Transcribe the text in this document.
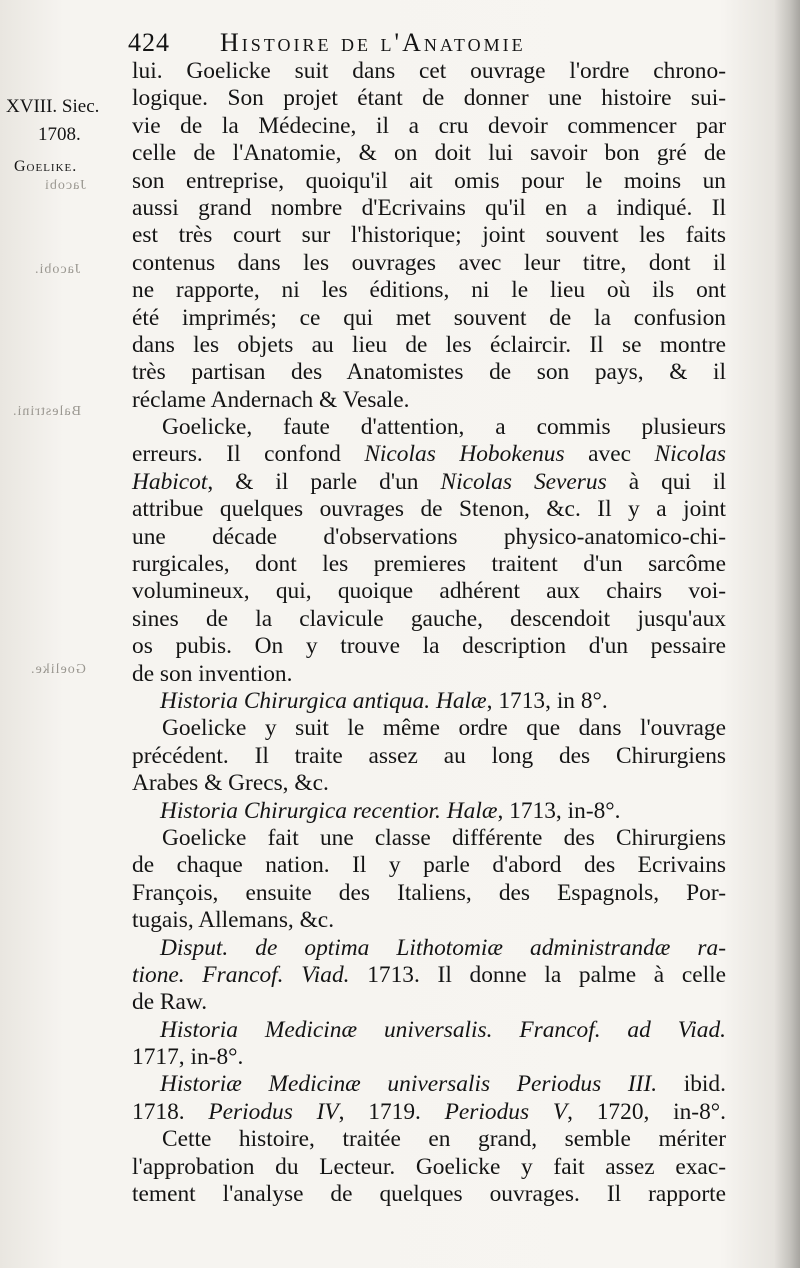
424 Histoire de l'Anatomie
XVIII. Siec.
1708.
Goelike.
Jacobi
Jacobi.
Balestrini.
Goelike.
lui. Goelicke suit dans cet ouvrage l'ordre chrono-
logique. Son projet étant de donner une histoire sui-
vie de la Médecine, il a cru devoir commencer par
celle de l'Anatomie, & on doit lui savoir bon gré de
son entreprise, quoiqu'il ait omis pour le moins un
aussi grand nombre d'Ecrivains qu'il en a indiqué. Il
est très court sur l'historique; joint souvent les faits
contenus dans les ouvrages avec leur titre, dont il
ne rapporte, ni les éditions, ni le lieu où ils ont
été imprimés; ce qui met souvent de la confusion
dans les objets au lieu de les éclaircir. Il se montre
très partisan des Anatomistes de son pays, & il
réclame Andernach & Vesale.
Goelicke, faute d'attention, a commis plusieurs
erreurs. Il confond Nicolas Hobokenus avec Nicolas
Habicot, & il parle d'un Nicolas Severus à qui il
attribue quelques ouvrages de Stenon, &c. Il y a joint
une décade d'observations physico-anatomico-chi-
rurgicales, dont les premieres traitent d'un sarcôme
volumineux, qui, quoique adhérent aux chairs voi-
sines de la clavicule gauche, descendoit jusqu'aux
os pubis. On y trouve la description d'un pessaire
de son invention.
Historia Chirurgica antiqua. Halæ, 1713, in 8°.
Goelicke y suit le même ordre que dans l'ouvrage
précédent. Il traite assez au long des Chirurgiens
Arabes & Grecs, &c.
Historia Chirurgica recentior. Halæ, 1713, in-8°.
Goelicke fait une classe différente des Chirurgiens
de chaque nation. Il y parle d'abord des Ecrivains
François, ensuite des Italiens, des Espagnols, Por-
tugais, Allemans, &c.
Disput. de optima Lithotomiæ administrandæ ra-
tione. Francof. Viad. 1713. Il donne la palme à celle
de Raw.
Historia Medicinæ universalis. Francof. ad Viad.
1717, in-8°.
Historiæ Medicinæ universalis Periodus III. ibid.
1718. Periodus IV, 1719. Periodus V, 1720, in-8°.
Cette histoire, traitée en grand, semble mériter
l'approbation du Lecteur. Goelicke y fait assez exac-
tement l'analyse de quelques ouvrages. Il rapporte
